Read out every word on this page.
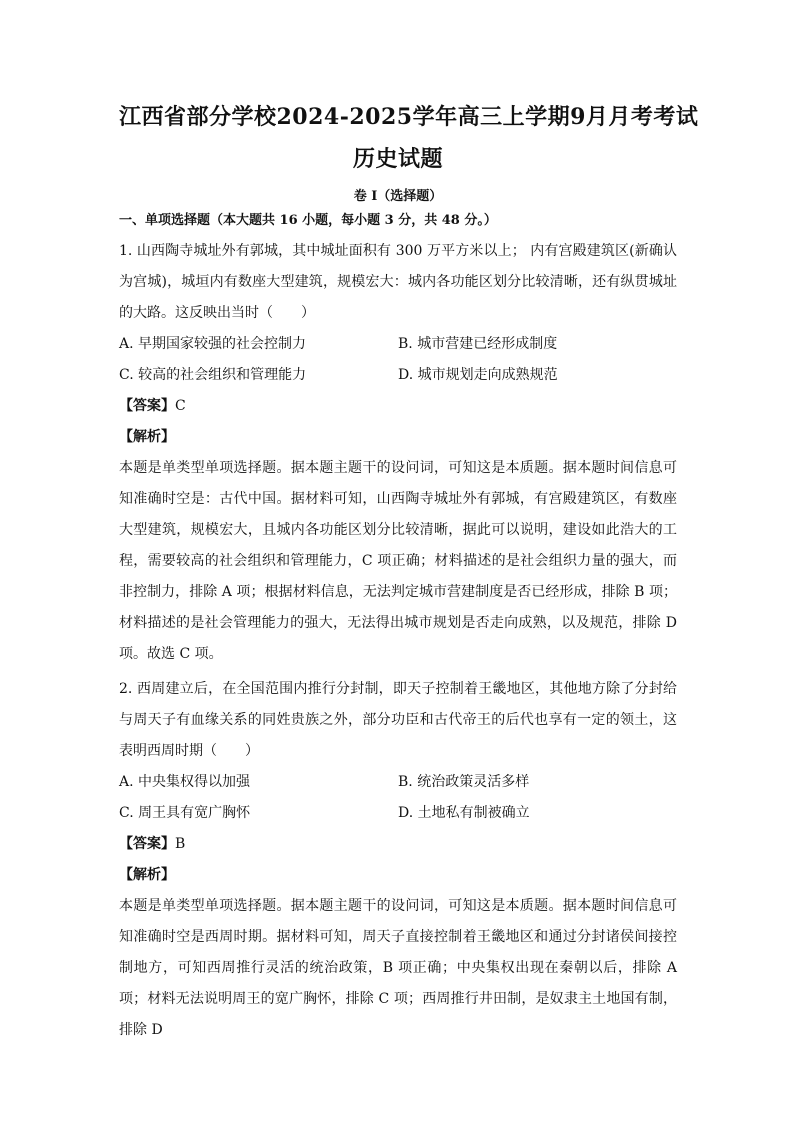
江西省部分学校2024-2025学年高三上学期9月月考考试
历史试题
卷 I（选择题）
一、单项选择题（本大题共 16 小题，每小题 3 分，共 48 分。）

1. 山西陶寺城址外有郭城，其中城址面积有 300 万平方米以上； 内有宫殿建筑区(新确认为宫城)，城垣内有数座大型建筑，规模宏大：城内各功能区划分比较清晰，还有纵贯城址的大路。这反映出当时（　　）

A. 早期国家较强的社会控制力	B. 城市营建已经形成制度
C. 较高的社会组织和管理能力	D. 城市规划走向成熟规范
【答案】C
【解析】

本题是单类型单项选择题。据本题主题干的设问词，可知这是本质题。据本题时间信息可知准确时空是：古代中国。据材料可知，山西陶寺城址外有郭城，有宫殿建筑区，有数座大型建筑，规模宏大，且城内各功能区划分比较清晰，据此可以说明，建设如此浩大的工程，需要较高的社会组织和管理能力，C 项正确；材料描述的是社会组织力量的强大，而非控制力，排除 A 项；根据材料信息，无法判定城市营建制度是否已经形成，排除 B 项；材料描述的是社会管理能力的强大，无法得出城市规划是否走向成熟，以及规范，排除 D 项。故选 C 项。

2. 西周建立后，在全国范围内推行分封制，即天子控制着王畿地区，其他地方除了分封给与周天子有血缘关系的同姓贵族之外，部分功臣和古代帝王的后代也享有一定的领土，这表明西周时期（　　）

A. 中央集权得以加强	B. 统治政策灵活多样
C. 周王具有宽广胸怀	D. 土地私有制被确立
【答案】B
【解析】

本题是单类型单项选择题。据本题主题干的设问词，可知这是本质题。据本题时间信息可知准确时空是西周时期。据材料可知，周天子直接控制着王畿地区和通过分封诸侯间接控制地方，可知西周推行灵活的统治政策，B 项正确；中央集权出现在秦朝以后，排除 A 项；材料无法说明周王的宽广胸怀，排除 C 项；西周推行井田制，是奴隶主土地国有制，排除 D
